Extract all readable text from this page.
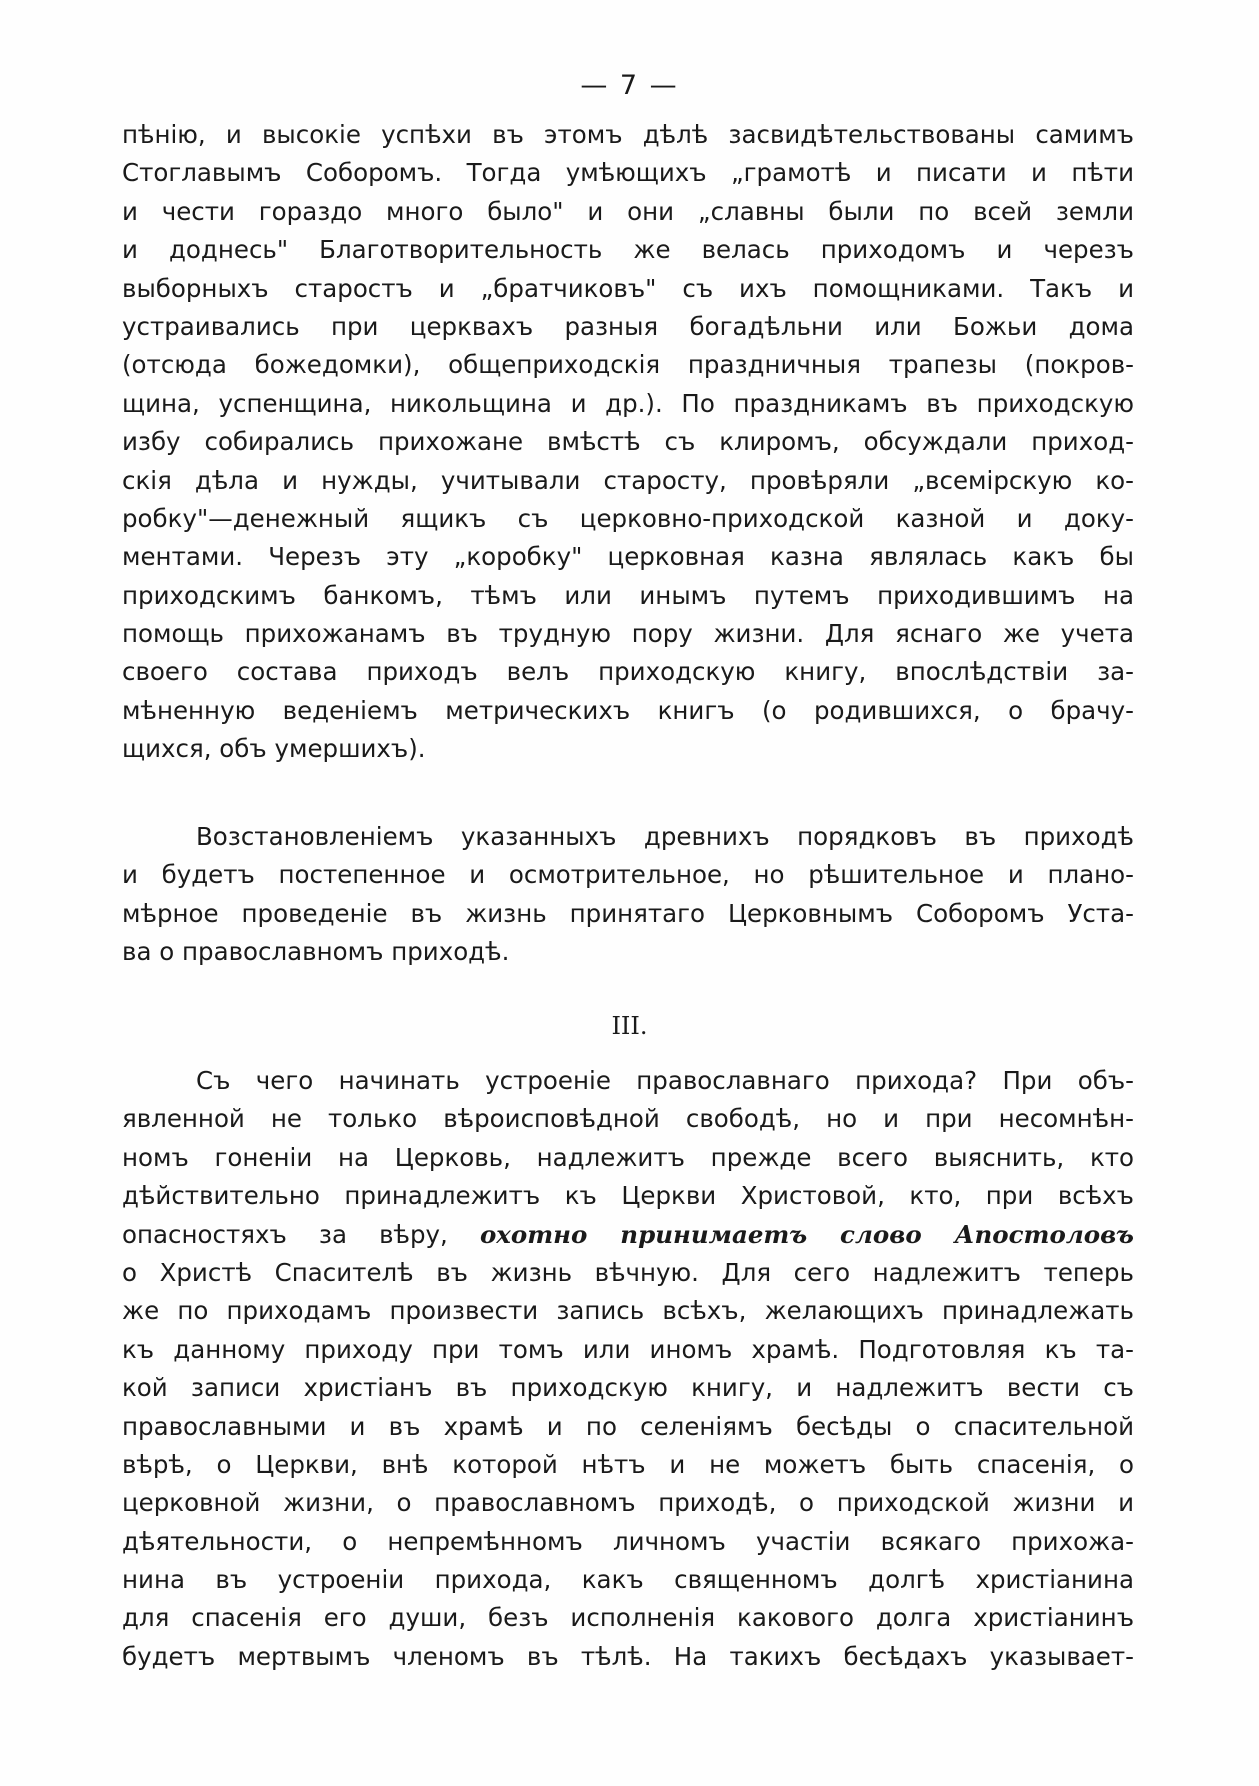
— 7 —
пѣнію, и высокіе успѣхи въ этомъ дѣлѣ засвидѣтельствованы самимъ
Стоглавымъ Соборомъ. Тогда умѣющихъ „грамотѣ и писати и пѣти
и чести гораздо много было" и они „славны были по всей земли
и доднесь" Благотворительность же велась приходомъ и черезъ
выборныхъ старостъ и „братчиковъ" съ ихъ помощниками. Такъ и
устраивались при церквахъ разныя богадѣльни или Божьи дома
(отсюда божедомки), общеприходскія праздничныя трапезы (покров-
щина, успенщина, никольщина и др.). По праздникамъ въ приходскую
избу собирались прихожане вмѣстѣ съ клиромъ, обсуждали приход-
скія дѣла и нужды, учитывали старосту, провѣряли „всемірскую ко-
робку"—денежный ящикъ съ церковно-приходской казной и доку-
ментами. Черезъ эту „коробку" церковная казна являлась какъ бы
приходскимъ банкомъ, тѣмъ или инымъ путемъ приходившимъ на
помощь прихожанамъ въ трудную пору жизни. Для яснаго же учета
своего состава приходъ велъ приходскую книгу, впослѣдствіи за-
мѣненную веденіемъ метрическихъ книгъ (о родившихся, о брачу-
щихся, объ умершихъ).
Возстановленіемъ указанныхъ древнихъ порядковъ въ приходѣ
и будетъ постепенное и осмотрительное, но рѣшительное и плано-
мѣрное проведеніе въ жизнь принятаго Церковнымъ Соборомъ Уста-
ва о православномъ приходѣ.
III.
Съ чего начинать устроеніе православнаго прихода? При объ-
явленной не только вѣроисповѣдной свободѣ, но и при несомнѣн-
номъ гоненіи на Церковь, надлежитъ прежде всего выяснить, кто
дѣйствительно принадлежитъ къ Церкви Христовой, кто, при всѣхъ
опасностяхъ за вѣру, охотно принимаетъ слово Апостоловъ
о Христѣ Спасителѣ въ жизнь вѣчную. Для сего надлежитъ теперь
же по приходамъ произвести запись всѣхъ, желающихъ принадлежать
къ данному приходу при томъ или иномъ храмѣ. Подготовляя къ та-
кой записи христіанъ въ приходскую книгу, и надлежитъ вести съ
православными и въ храмѣ и по селеніямъ бесѣды о спасительной
вѣрѣ, о Церкви, внѣ которой нѣтъ и не можетъ быть спасенія, о
церковной жизни, о православномъ приходѣ, о приходской жизни и
дѣятельности, о непремѣнномъ личномъ участіи всякаго прихожа-
нина въ устроеніи прихода, какъ священномъ долгѣ христіанина
для спасенія его души, безъ исполненія какового долга христіанинъ
будетъ мертвымъ членомъ въ тѣлѣ. На такихъ бесѣдахъ указывает-
